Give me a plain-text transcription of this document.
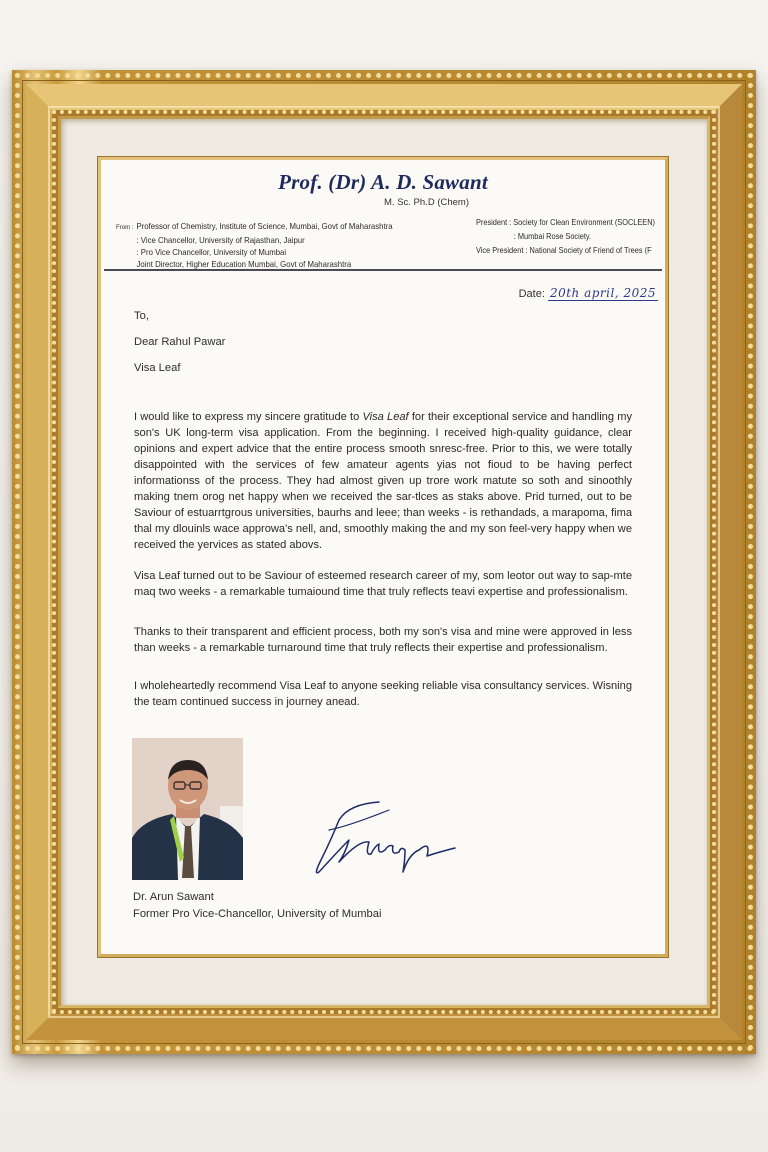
Prof. (Dr) A. D. Sawant
M. Sc. Ph.D (Chem)
From : Professor of Chemistry, Institute of Science, Mumbai, Govt of Maharashtra
: Vice Chancellor, University of Rajasthan, Jaipur
: Pro Vice Chancellor, University of Mumbai
Joint Director, Higher Education Mumbai, Govt of Maharashtra
President : Society for Clean Environment (SOCLEEN)
: Mumbai Rose Society.
Vice President : National Society of Friend of Trees (F
Date: 20th april, 2025
To,
Dear Rahul Pawar
Visa Leaf

I would like to express my sincere gratitude to Visa Leaf for their exceptional service and handling my son's UK long-term visa application. From the beginning. I received high-quality guidance, clear opinions and expert advice that the entire process smooth snresc-free. Prior to this, we were totally disappointed with the services of few amateur agents yias not fioud to be having perfect informationss of the process. They had almost given up trore work matute so soth and sinoothly making tnem orog net happy when we received the sar-tlces as staks above. Prid turned, out to be Saviour of estuarrtgrous universities, baurhs and leee; than weeks - is rethandads, a marapoma, fima thal my dlouinls wace approwa's nell, and, smoothly making the and my son feel-very happy when we received the yervices as stated abovs.

Visa Leaf turned out to be Saviour of esteemed research career of my, som leotor out way to sap-mte maq two weeks - a remarkable tumaiound time that truly reflects teavi expertise and professionalism.

Thanks to their transparent and efficient process, both my son's visa and mine were approved in less than weeks - a remarkable turnaround time that truly reflects their expertise and professionalism.

I wholeheartedly recommend Visa Leaf to anyone seeking reliable visa consultancy services. Wisning the team continued success in journey anead.

Dr. Arun Sawant
Former Pro Vice-Chancellor, University of Mumbai
